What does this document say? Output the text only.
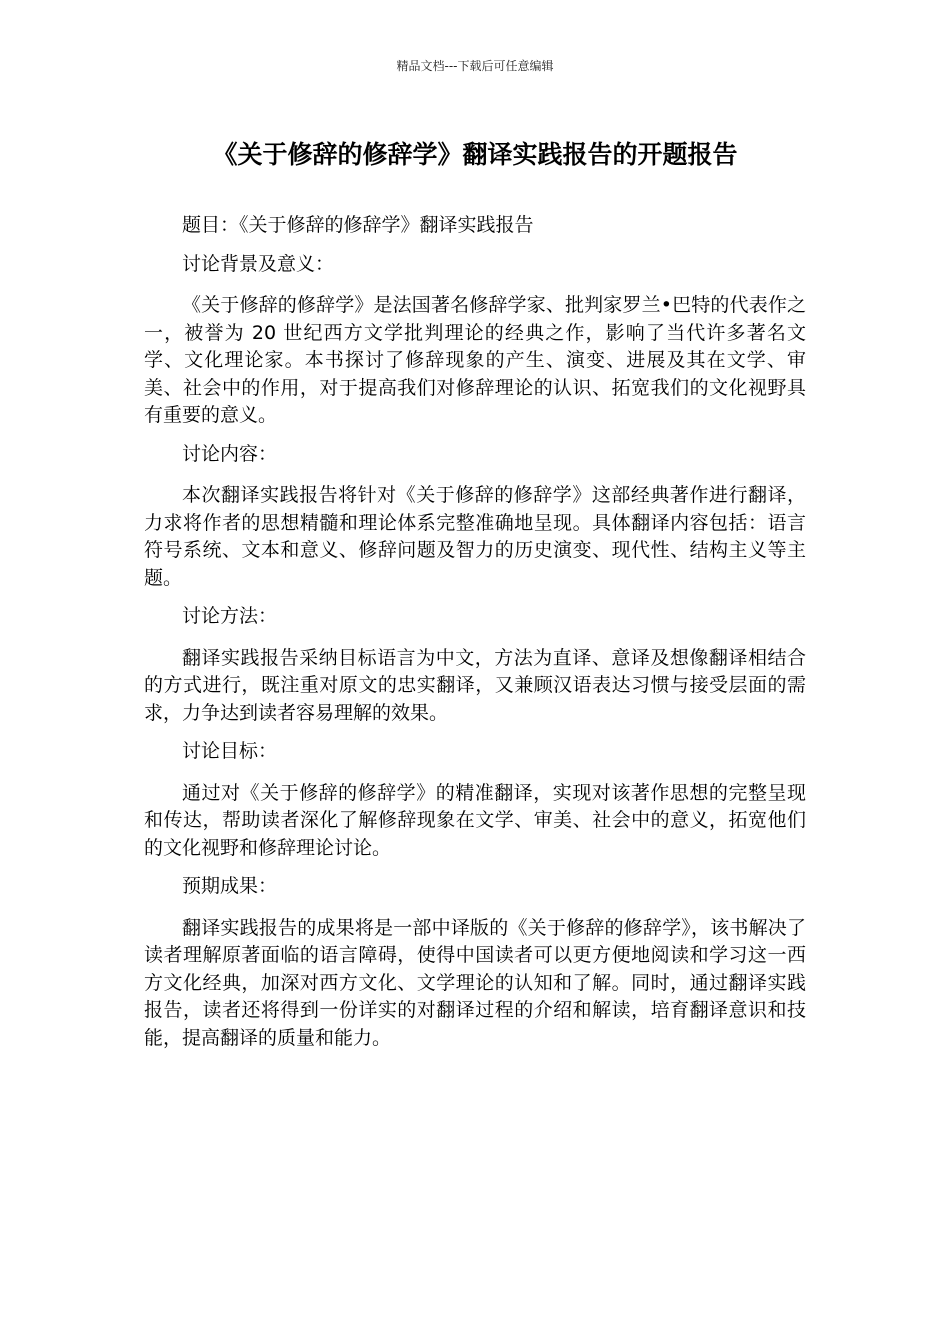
精品文档---下载后可任意编辑
《关于修辞的修辞学》翻译实践报告的开题报告

题目：《关于修辞的修辞学》翻译实践报告

讨论背景及意义：

《关于修辞的修辞学》是法国著名修辞学家、批判家罗兰•巴特的代表作之一，被誉为 20 世纪西方文学批判理论的经典之作，影响了当代许多著名文学、文化理论家。本书探讨了修辞现象的产生、演变、进展及其在文学、审美、社会中的作用，对于提高我们对修辞理论的认识、拓宽我们的文化视野具有重要的意义。

讨论内容：

本次翻译实践报告将针对《关于修辞的修辞学》这部经典著作进行翻译，力求将作者的思想精髓和理论体系完整准确地呈现。具体翻译内容包括：语言符号系统、文本和意义、修辞问题及智力的历史演变、现代性、结构主义等主题。

讨论方法：

翻译实践报告采纳目标语言为中文，方法为直译、意译及想像翻译相结合的方式进行，既注重对原文的忠实翻译，又兼顾汉语表达习惯与接受层面的需求，力争达到读者容易理解的效果。

讨论目标：

通过对《关于修辞的修辞学》的精准翻译，实现对该著作思想的完整呈现和传达，帮助读者深化了解修辞现象在文学、审美、社会中的意义，拓宽他们的文化视野和修辞理论讨论。

预期成果：

翻译实践报告的成果将是一部中译版的《关于修辞的修辞学》，该书解决了读者理解原著面临的语言障碍，使得中国读者可以更方便地阅读和学习这一西方文化经典，加深对西方文化、文学理论的认知和了解。同时，通过翻译实践报告，读者还将得到一份详实的对翻译过程的介绍和解读，培育翻译意识和技能，提高翻译的质量和能力。
